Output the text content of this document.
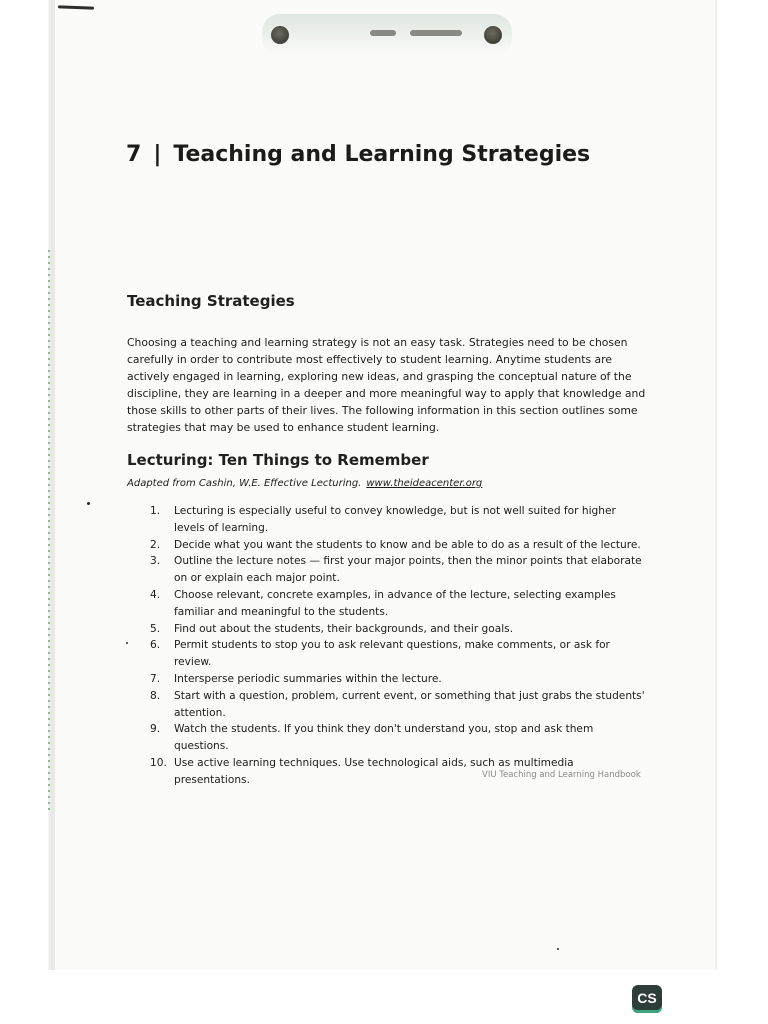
7 | Teaching and Learning Strategies
Teaching Strategies

Choosing a teaching and learning strategy is not an easy task. Strategies need to be chosen carefully in order to contribute most effectively to student learning. Anytime students are actively engaged in learning, exploring new ideas, and grasping the conceptual nature of the discipline, they are learning in a deeper and more meaningful way to apply that knowledge and those skills to other parts of their lives. The following information in this section outlines some strategies that may be used to enhance student learning.

Lecturing: Ten Things to Remember

Adapted from Cashin, W.E. Effective Lecturing. www.theideacenter.org

1.	Lecturing is especially useful to convey knowledge, but is not well suited for higher levels of learning.
2.	Decide what you want the students to know and be able to do as a result of the lecture.
3.	Outline the lecture notes — first your major points, then the minor points that elaborate on or explain each major point.
4.	Choose relevant, concrete examples, in advance of the lecture, selecting examples familiar and meaningful to the students.
5.	Find out about the students, their backgrounds, and their goals.
6.	Permit students to stop you to ask relevant questions, make comments, or ask for review.
7.	Intersperse periodic summaries within the lecture.
8.	Start with a question, problem, current event, or something that just grabs the students' attention.
9.	Watch the students. If you think they don't understand you, stop and ask them questions.
10. Use active learning techniques. Use technological aids, such as multimedia presentations.	VIU Teaching and Learning Handbook

CS
